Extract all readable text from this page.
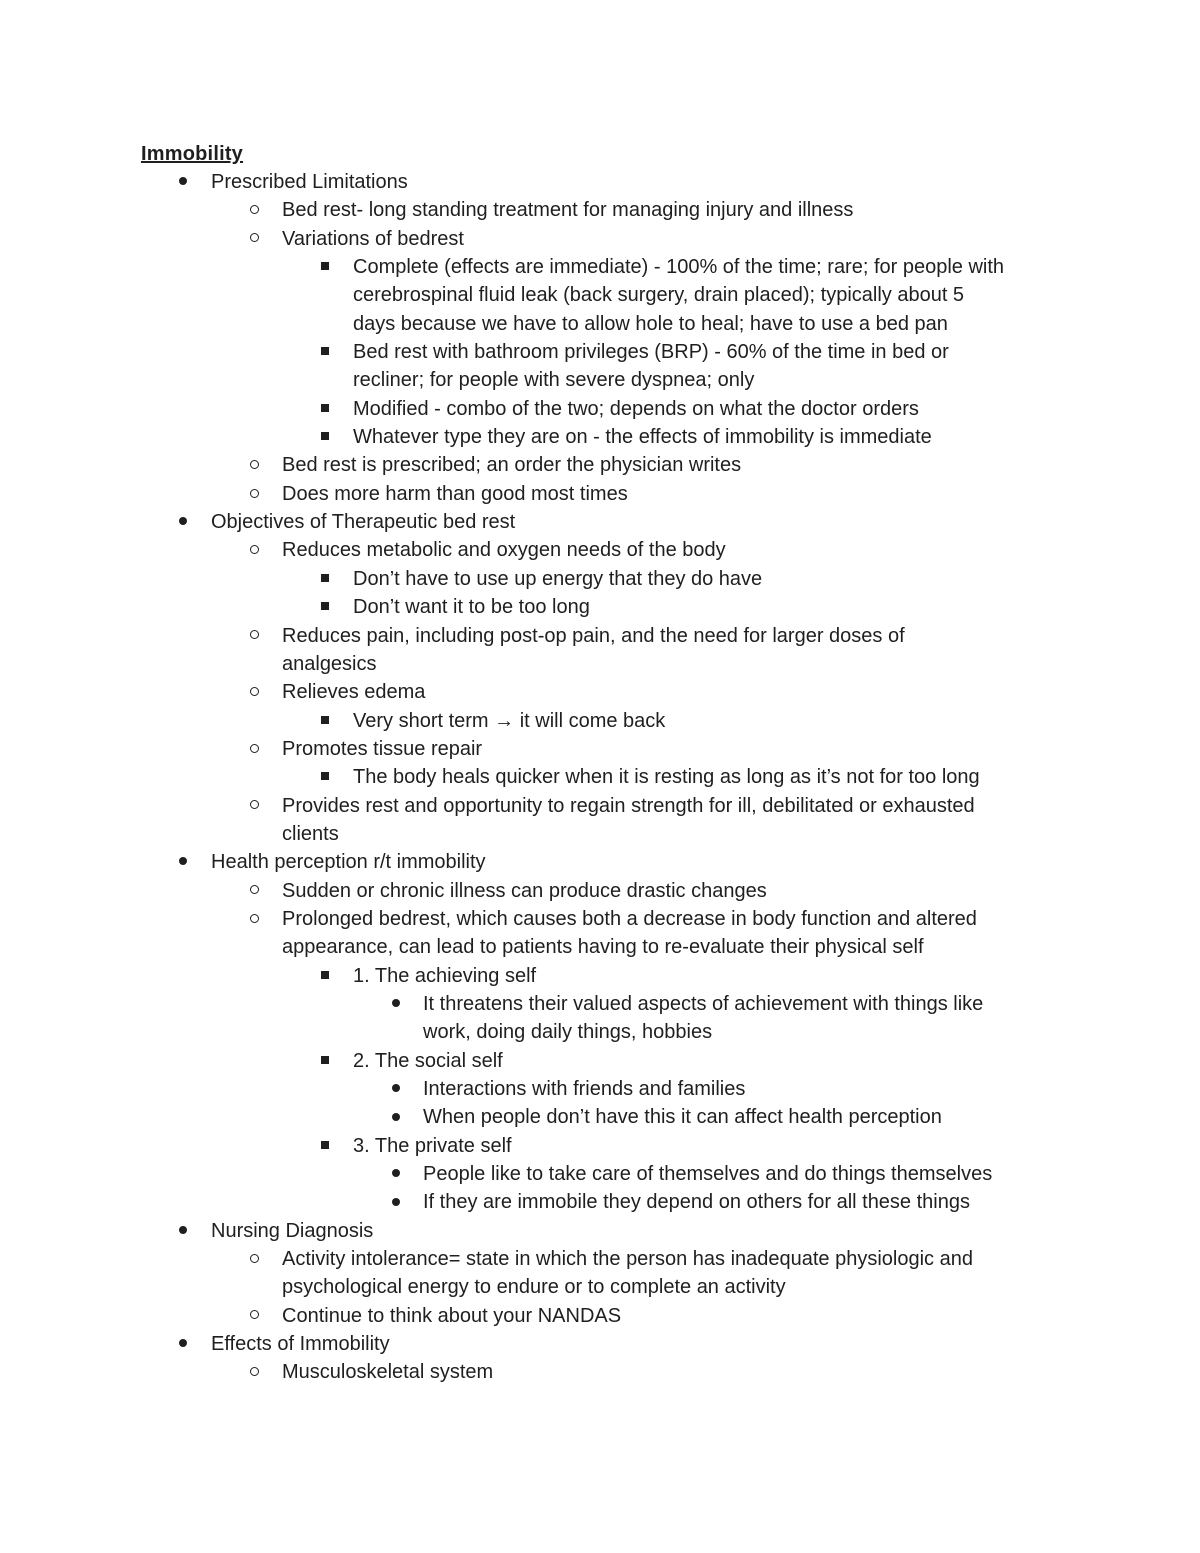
Immobility
Prescribed Limitations
Bed rest- long standing treatment for managing injury and illness
Variations of bedrest
Complete (effects are immediate) - 100% of the time; rare; for people with
cerebrospinal fluid leak (back surgery, drain placed); typically about 5
days because we have to allow hole to heal; have to use a bed pan
Bed rest with bathroom privileges (BRP) - 60% of the time in bed or
recliner; for people with severe dyspnea; only
Modified - combo of the two; depends on what the doctor orders
Whatever type they are on - the effects of immobility is immediate
Bed rest is prescribed; an order the physician writes
Does more harm than good most times
Objectives of Therapeutic bed rest
Reduces metabolic and oxygen needs of the body
Don’t have to use up energy that they do have
Don’t want it to be too long
Reduces pain, including post-op pain, and the need for larger doses of
analgesics
Relieves edema
Very short term → it will come back
Promotes tissue repair
The body heals quicker when it is resting as long as it’s not for too long
Provides rest and opportunity to regain strength for ill, debilitated or exhausted
clients
Health perception r/t immobility
Sudden or chronic illness can produce drastic changes
Prolonged bedrest, which causes both a decrease in body function and altered
appearance, can lead to patients having to re-evaluate their physical self
1. The achieving self
It threatens their valued aspects of achievement with things like
work, doing daily things, hobbies
2. The social self
Interactions with friends and families
When people don’t have this it can affect health perception
3. The private self
People like to take care of themselves and do things themselves
If they are immobile they depend on others for all these things
Nursing Diagnosis
Activity intolerance= state in which the person has inadequate physiologic and
psychological energy to endure or to complete an activity
Continue to think about your NANDAS
Effects of Immobility
Musculoskeletal system
